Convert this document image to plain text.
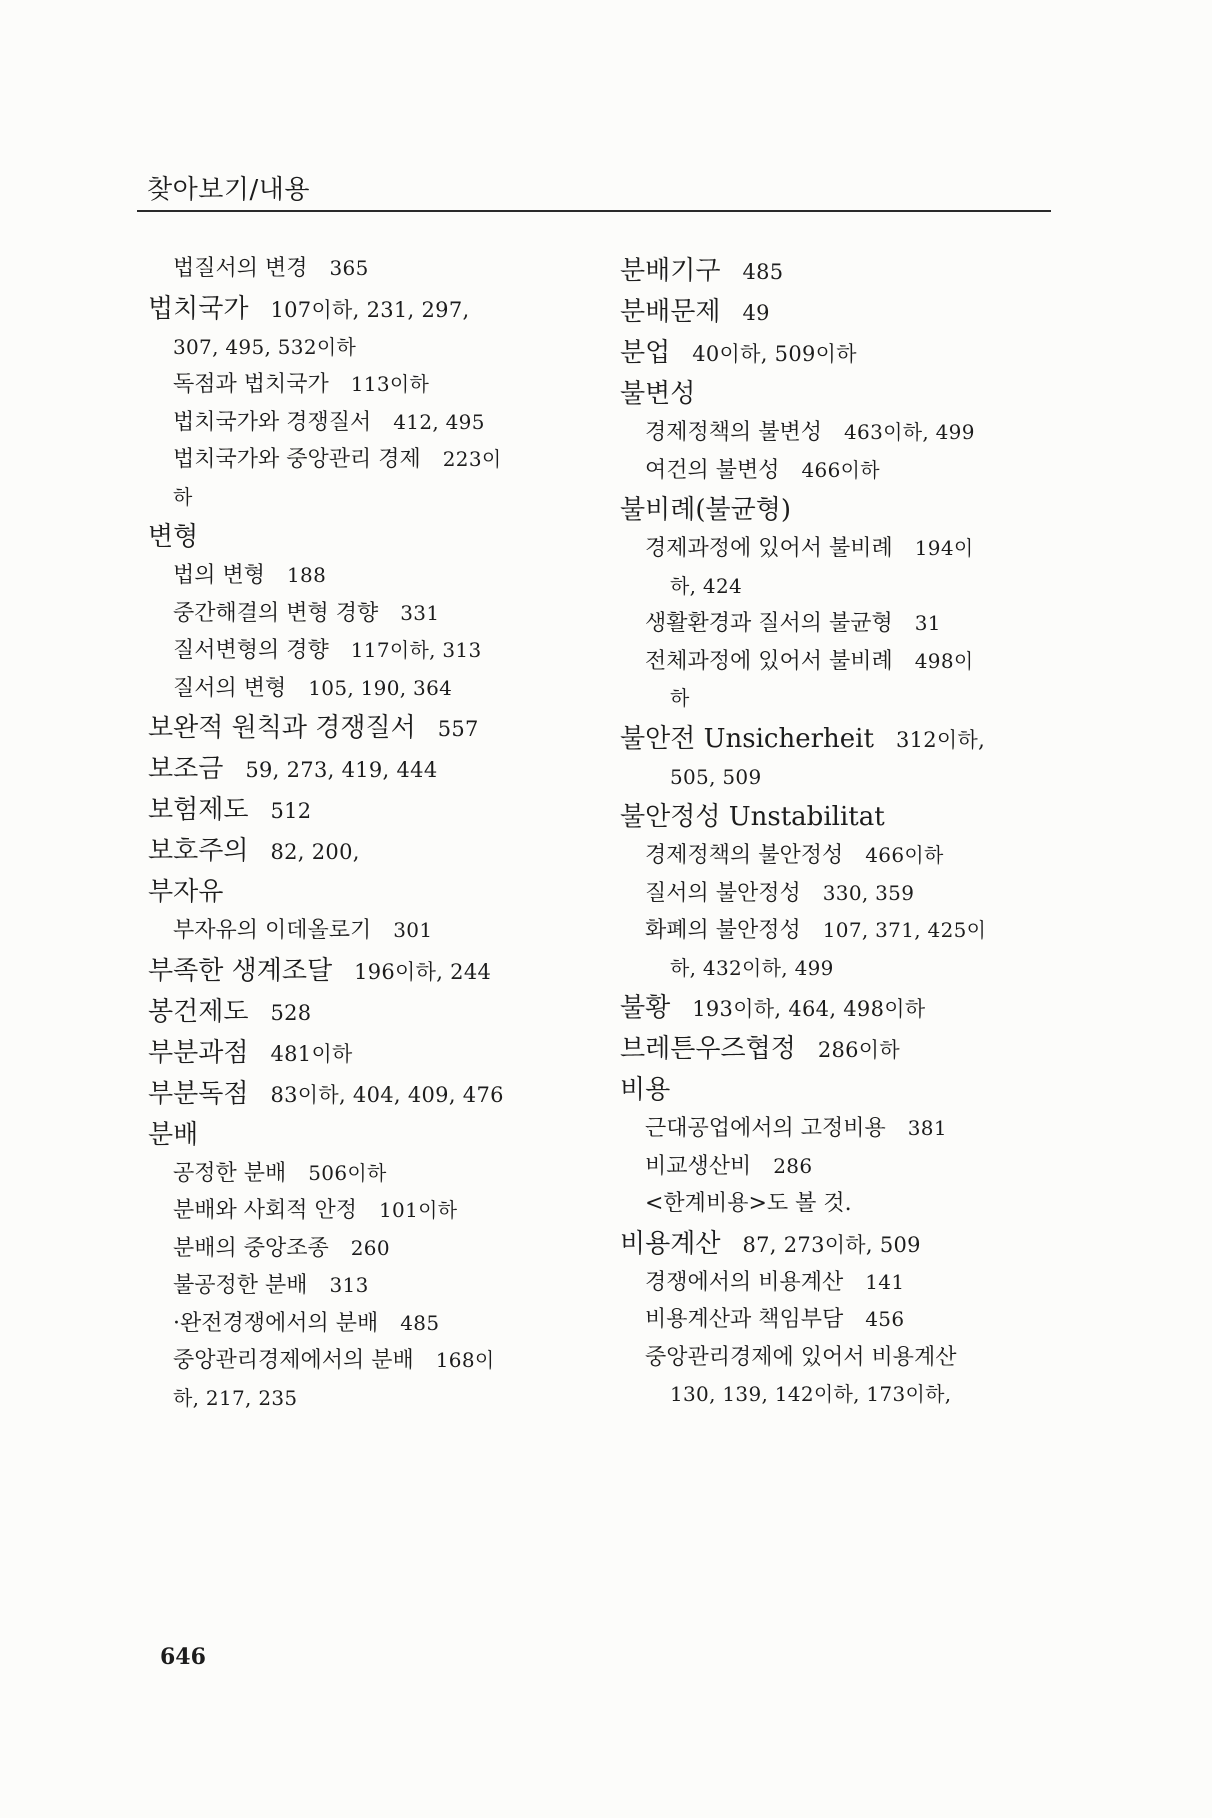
찾아보기/내용
법질서의 변경 365
법치국가 107이하, 231, 297,
307, 495, 532이하
독점과 법치국가 113이하
법치국가와 경쟁질서 412, 495
법치국가와 중앙관리 경제 223이
하
변형
법의 변형 188
중간해결의 변형 경향 331
질서변형의 경향 117이하, 313
질서의 변형 105, 190, 364
보완적 원칙과 경쟁질서 557
보조금 59, 273, 419, 444
보험제도 512
보호주의 82, 200,
부자유
부자유의 이데올로기 301
부족한 생계조달 196이하, 244
봉건제도 528
부분과점 481이하
부분독점 83이하, 404, 409, 476
분배
공정한 분배 506이하
분배와 사회적 안정 101이하
분배의 중앙조종 260
불공정한 분배 313
·완전경쟁에서의 분배 485
중앙관리경제에서의 분배 168이
하, 217, 235
분배기구 485
분배문제 49
분업 40이하, 509이하
불변성
경제정책의 불변성 463이하, 499
여건의 불변성 466이하
불비례(불균형)
경제과정에 있어서 불비례 194이
하, 424
생활환경과 질서의 불균형 31
전체과정에 있어서 불비례 498이
하
불안전 Unsicherheit 312이하,
505, 509
불안정성 Unstabilitat
경제정책의 불안정성 466이하
질서의 불안정성 330, 359
화폐의 불안정성 107, 371, 425이
하, 432이하, 499
불황 193이하, 464, 498이하
브레튼우즈협정 286이하
비용
근대공업에서의 고정비용 381
비교생산비 286
<한계비용>도 볼 것.
비용계산 87, 273이하, 509
경쟁에서의 비용계산 141
비용계산과 책임부담 456
중앙관리경제에 있어서 비용계산
130, 139, 142이하, 173이하,
646
